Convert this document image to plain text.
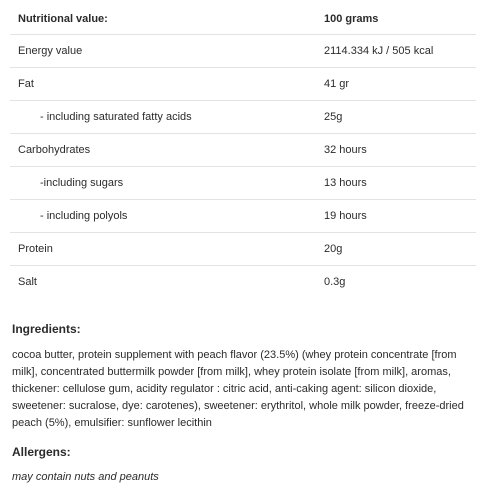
Nutritional value:	100 grams
Energy value	2114.334 kJ / 505 kcal
Fat	41 gr
- including saturated fatty acids	25g
Carbohydrates	32 hours
-including sugars	13 hours
- including polyols	19 hours
Protein	20g
Salt	0.3g
Ingredients:
cocoa butter, protein supplement with peach flavor (23.5%) (whey protein concentrate [from milk], concentrated buttermilk powder [from milk], whey protein isolate [from milk], aromas, thickener: cellulose gum, acidity regulator : citric acid, anti-caking agent: silicon dioxide, sweetener: sucralose, dye: carotenes), sweetener: erythritol, whole milk powder, freeze-dried peach (5%), emulsifier: sunflower lecithin
Allergens:
may contain nuts and peanuts
